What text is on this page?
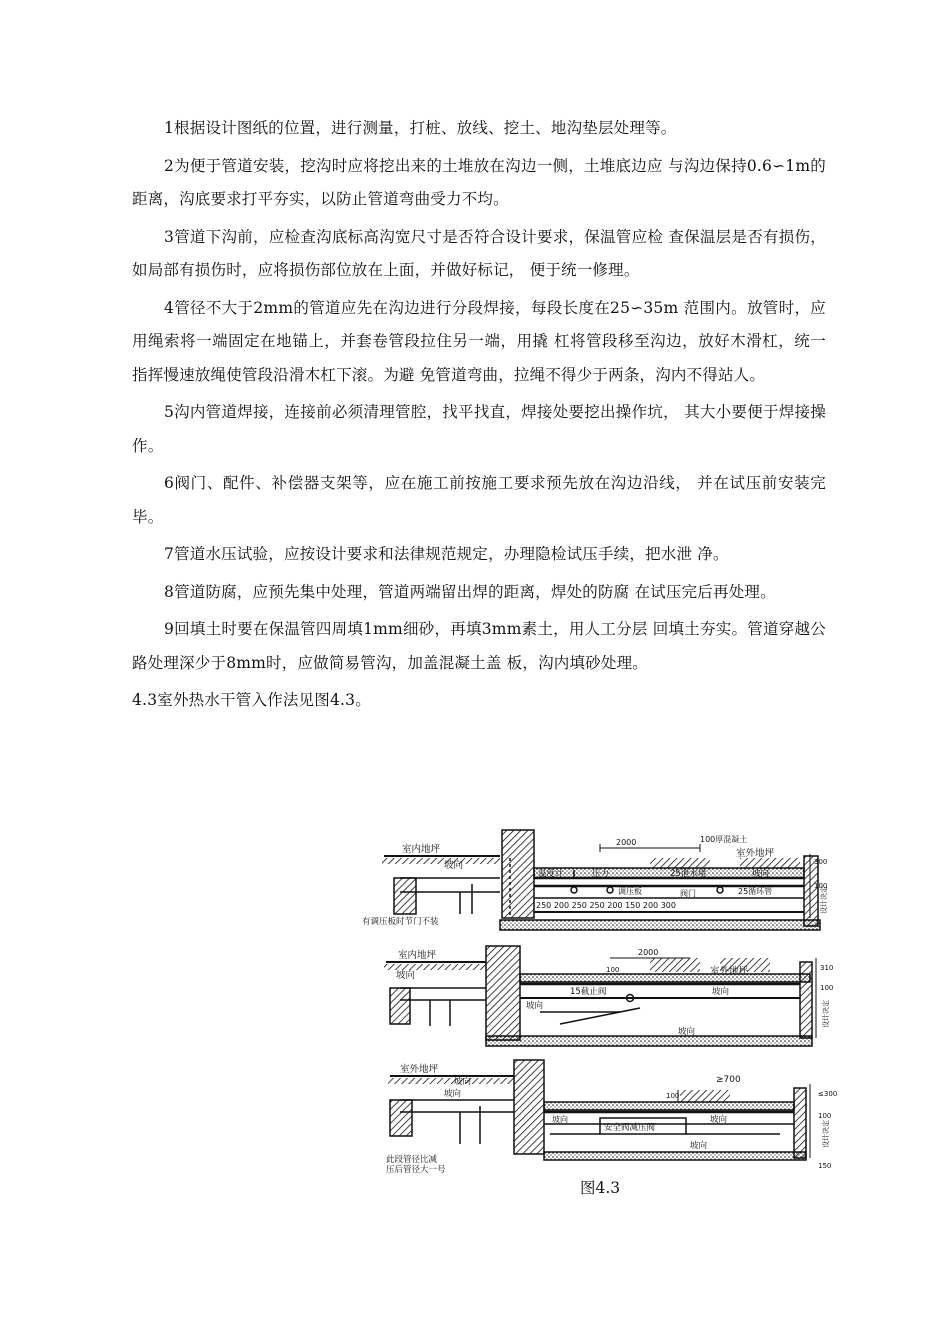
1根据设计图纸的位置，进行测量，打桩、放线、挖土、地沟垫层处理等。

2为便于管道安装，挖沟时应将挖出来的土堆放在沟边一侧，土堆底边应 与沟边保持0.6∽1m的距离，沟底要求打平夯实，以防止管道弯曲受力不均。

3管道下沟前，应检查沟底标高沟宽尺寸是否符合设计要求，保温管应检 查保温层是否有损伤，如局部有损伤时，应将损伤部位放在上面，并做好标记， 便于统一修理。

4管径不大于2mm的管道应先在沟边进行分段焊接，每段长度在25∽35m 范围内。放管时，应用绳索将一端固定在地锚上，并套卷管段拉住另一端，用撬 杠将管段移至沟边，放好木滑杠，统一指挥慢速放绳使管段沿滑木杠下滚。为避 免管道弯曲，拉绳不得少于两条，沟内不得站人。

5沟内管道焊接，连接前必须清理管腔，找平找直，焊接处要挖出操作坑， 其大小要便于焊接操作。

6阀门、配件、补偿器支架等，应在施工前按施工要求预先放在沟边沿线， 并在试压前安装完毕。

7管道水压试验，应按设计要求和法律规范规定，办理隐检试压手续，把水泄 净。

8管道防腐，应预先集中处理，管道两端留出焊的距离，焊处的防腐 在试压完后再处理。

9回填土时要在保温管四周填1mm细砂，再填3mm素土，用人工分层 回填土夯实。管道穿越公路处理深少于8mm时，应做简易管沟，加盖混凝土盖 板，沟内填砂处理。

4.3室外热水干管入作法见图4.3。

室内地坪
坡向
2000	100厚混凝土
室外地坪
300
100
温度计	压力	25泄水堵	坡向
调压板	阀门	25循环管
250 200 250 250 200 150 200 300
有调压板时节门不装
设计决定
室内地坪
坡向
2000
100	室外地坪
坡向
310
100
15截止阀
坡向
坡向
设计决定
室外地坪
坡向
坡向
≥700
100
坡向
安全阀减压阀
坡向
坡向
此段管径比减
压后管径大一号
≤300
100
150
设计决定
图4.3
